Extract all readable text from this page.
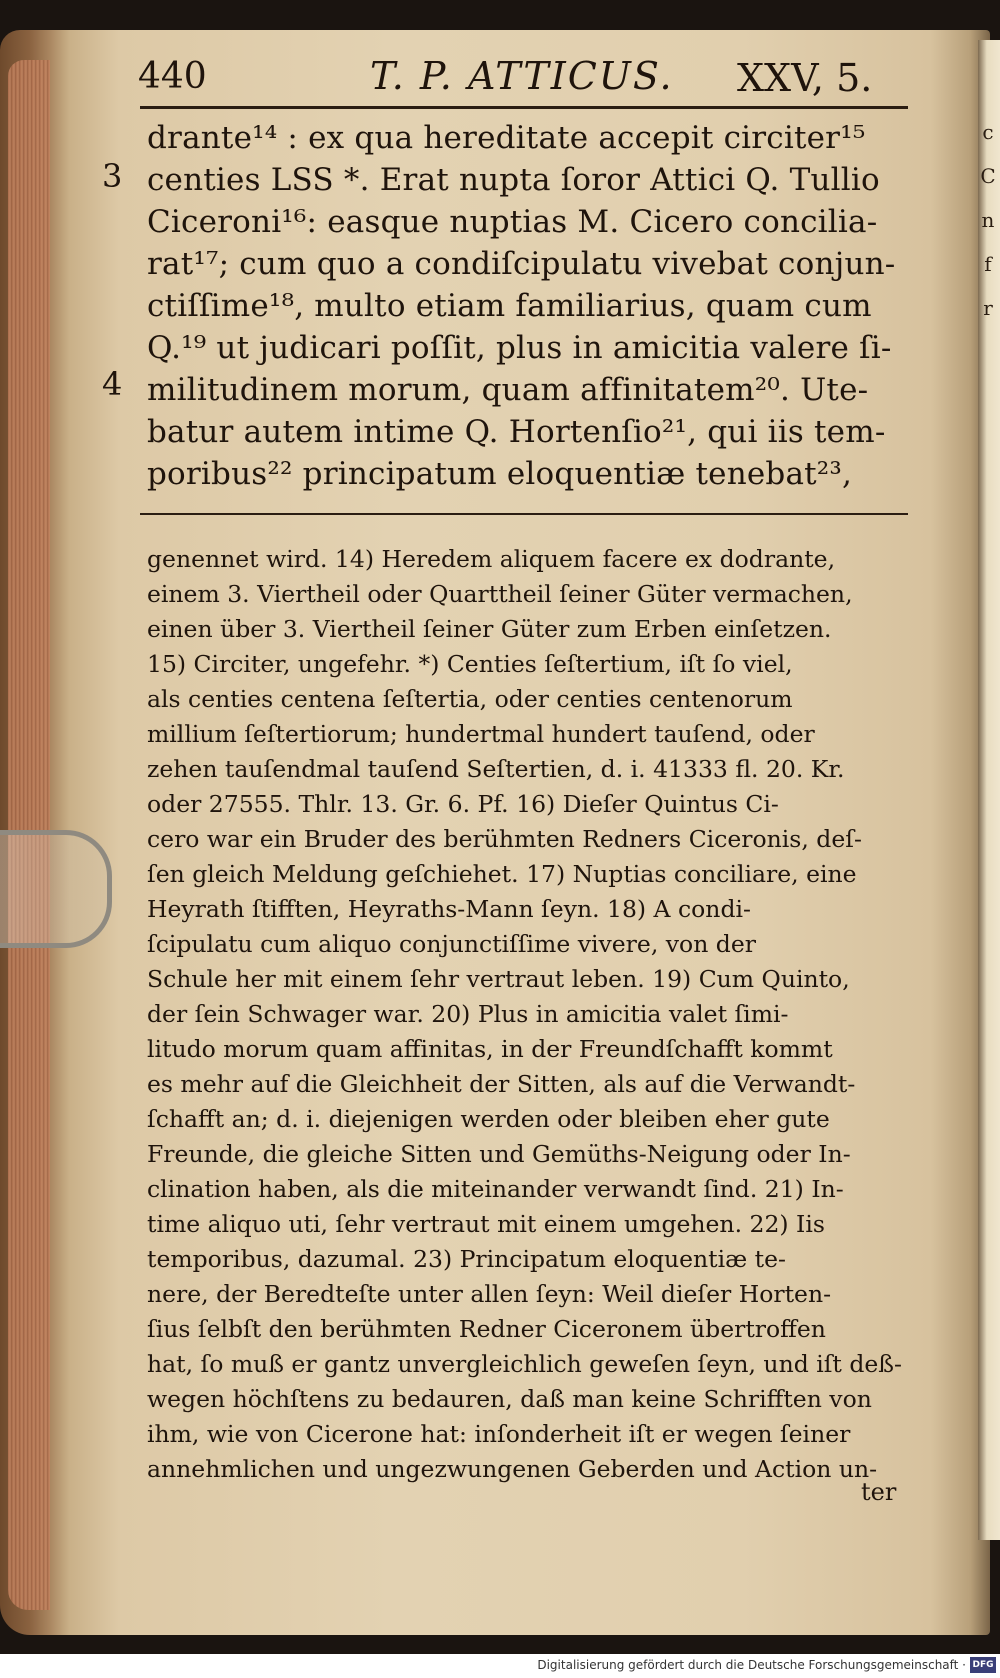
c
C
n
f
r
440	T. P. ATTICUS. XXV, 5.
3
4
drante¹⁴ : ex qua hereditate accepit circiter¹⁵
centies LSS *. Erat nupta ſoror Attici Q. Tullio
Ciceroni¹⁶: easque nuptias M. Cicero concilia-
rat¹⁷; cum quo a condiſcipulatu vivebat conjun-
ctiſſime¹⁸, multo etiam familiarius, quam cum
Q.¹⁹ ut judicari poſſit, plus in amicitia valere ſi-
militudinem morum, quam affinitatem²⁰. Ute-
batur autem intime Q. Hortenſio²¹, qui iis tem-
poribus²² principatum eloquentiæ tenebat²³,
genennet wird. 14) Heredem aliquem facere ex dodrante,
einem 3. Viertheil oder Quarttheil ſeiner Güter vermachen,
einen über 3. Viertheil ſeiner Güter zum Erben einſetzen.
15) Circiter, ungefehr. *) Centies ſeſtertium, iſt ſo viel,
als centies centena ſeſtertia, oder centies centenorum
millium ſeſtertiorum; hundertmal hundert tauſend, oder
zehen tauſendmal tauſend Seſtertien, d. i. 41333 fl. 20. Kr.
oder 27555. Thlr. 13. Gr. 6. Pf. 16) Dieſer Quintus Ci-
cero war ein Bruder des berühmten Redners Ciceronis, deſ-
ſen gleich Meldung geſchiehet. 17) Nuptias conciliare, eine
Heyrath ſtifften, Heyraths-Mann ſeyn. 18) A condi-
ſcipulatu cum aliquo conjunctiſſime vivere, von der
Schule her mit einem ſehr vertraut leben. 19) Cum Quinto,
der ſein Schwager war. 20) Plus in amicitia valet ſimi-
litudo morum quam affinitas, in der Freundſchafft kommt
es mehr auf die Gleichheit der Sitten, als auf die Verwandt-
ſchafft an; d. i. diejenigen werden oder bleiben eher gute
Freunde, die gleiche Sitten und Gemüths-Neigung oder In-
clination haben, als die miteinander verwandt ſind. 21) In-
time aliquo uti, ſehr vertraut mit einem umgehen. 22) Iis
temporibus, dazumal. 23) Principatum eloquentiæ te-
nere, der Beredteſte unter allen ſeyn: Weil dieſer Horten-
ſius ſelbſt den berühmten Redner Ciceronem übertroffen
hat, ſo muß er gantz unvergleichlich geweſen ſeyn, und iſt deß-
wegen höchſtens zu bedauren, daß man keine Schrifften von
ihm, wie von Cicerone hat: inſonderheit iſt er wegen ſeiner
annehmlichen und ungezwungenen Geberden und Action un-
ter
Digitalisierung gefördert durch die Deutsche Forschungsgemeinschaft · DFG
